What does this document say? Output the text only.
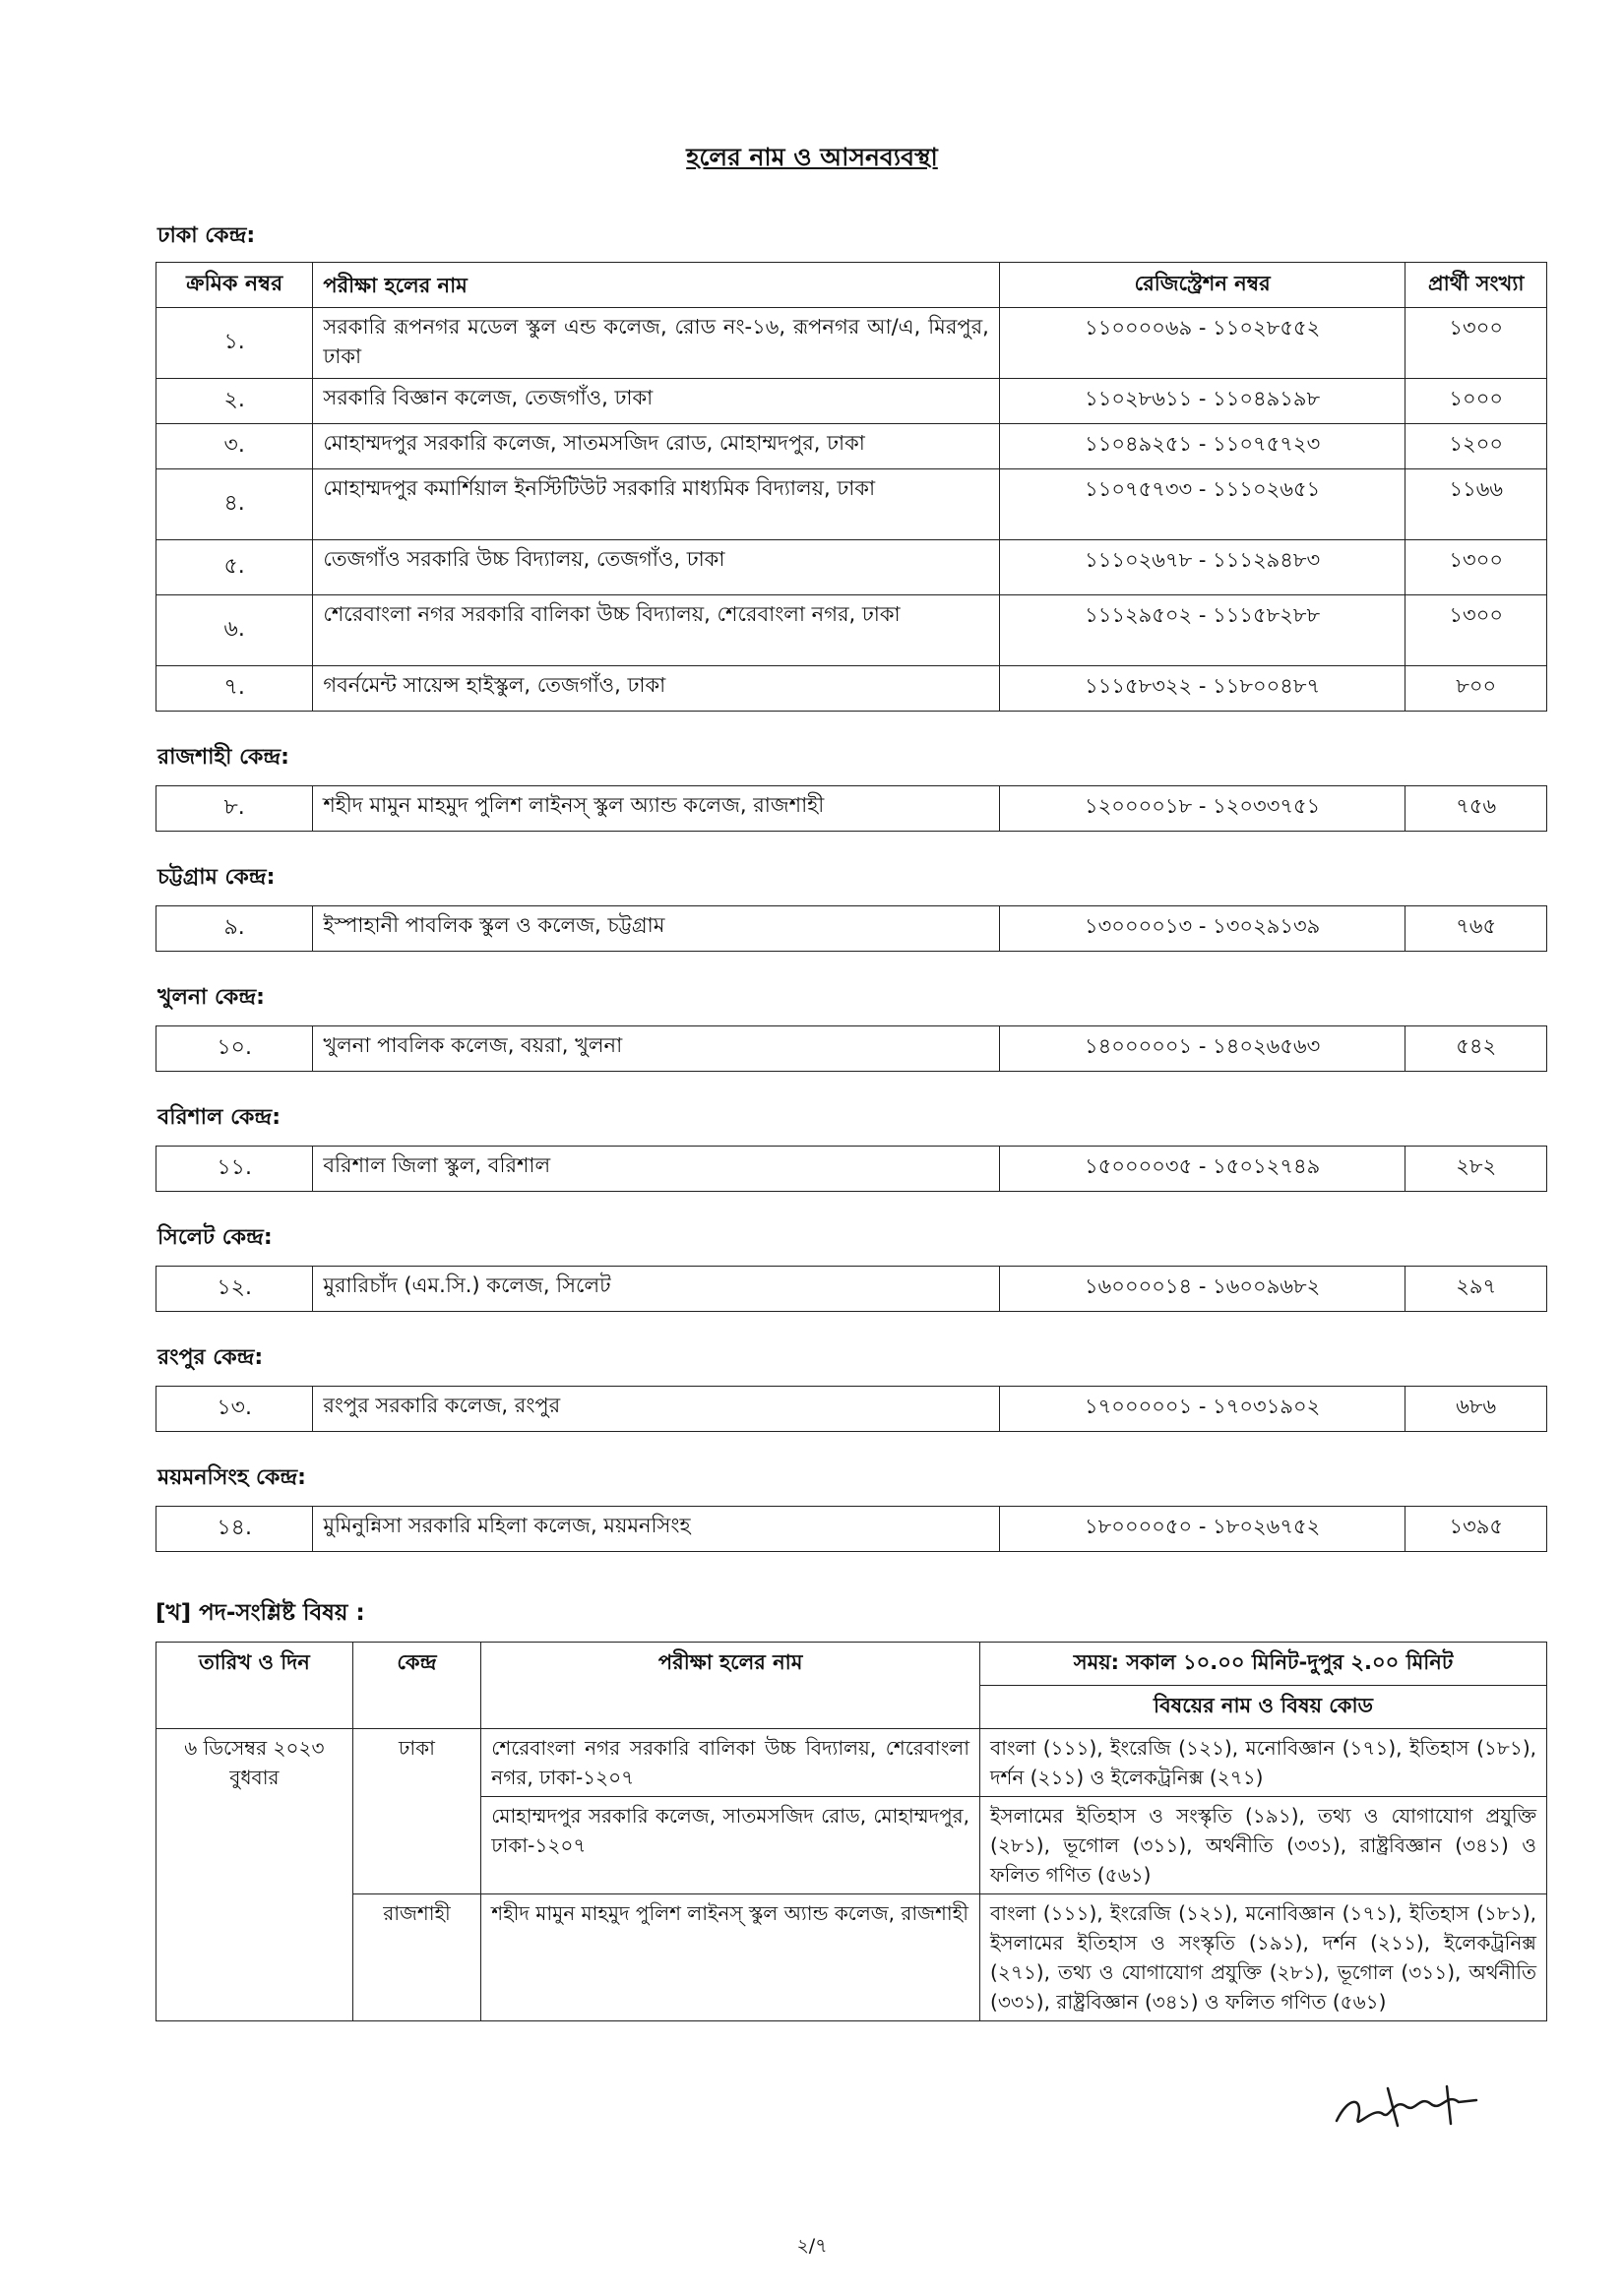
হলের নাম ও আসনব্যবস্থা
ঢাকা কেন্দ্র:
ক্রমিক নম্বর	পরীক্ষা হলের নাম	রেজিস্ট্রেশন নম্বর	প্রার্থী সংখ্যা
১.	সরকারি রূপনগর মডেল স্কুল এন্ড কলেজ, রোড নং-১৬, রূপনগর আ/এ, মিরপুর, ঢাকা	১১০০০০৬৯ - ১১০২৮৫৫২	১৩০০
২.	সরকারি বিজ্ঞান কলেজ, তেজগাঁও, ঢাকা	১১০২৮৬১১ - ১১০৪৯১৯৮	১০০০
৩.	মোহাম্মদপুর সরকারি কলেজ, সাতমসজিদ রোড, মোহাম্মদপুর, ঢাকা	১১০৪৯২৫১ - ১১০৭৫৭২৩	১২০০
৪.	মোহাম্মদপুর কমার্শিয়াল ইনস্টিটিউট সরকারি মাধ্যমিক বিদ্যালয়, ঢাকা	১১০৭৫৭৩৩ - ১১১০২৬৫১	১১৬৬
৫.	তেজগাঁও সরকারি উচ্চ বিদ্যালয়, তেজগাঁও, ঢাকা	১১১০২৬৭৮ - ১১১২৯৪৮৩	১৩০০
৬.	শেরেবাংলা নগর সরকারি বালিকা উচ্চ বিদ্যালয়, শেরেবাংলা নগর, ঢাকা	১১১২৯৫০২ - ১১১৫৮২৮৮	১৩০০
৭.	গবর্নমেন্ট সায়েন্স হাইস্কুল, তেজগাঁও, ঢাকা	১১১৫৮৩২২ - ১১৮০০৪৮৭	৮০০
রাজশাহী কেন্দ্র:
৮.	শহীদ মামুন মাহমুদ পুলিশ লাইনস্ স্কুল অ্যান্ড কলেজ, রাজশাহী	১২০০০০১৮ - ১২০৩৩৭৫১	৭৫৬
চট্টগ্রাম কেন্দ্র:
৯.	ইস্পাহানী পাবলিক স্কুল ও কলেজ, চট্টগ্রাম	১৩০০০০১৩ - ১৩০২৯১৩৯	৭৬৫
খুলনা কেন্দ্র:
১০.	খুলনা পাবলিক কলেজ, বয়রা, খুলনা	১৪০০০০০১ - ১৪০২৬৫৬৩	৫৪২
বরিশাল কেন্দ্র:
১১.	বরিশাল জিলা স্কুল, বরিশাল	১৫০০০০৩৫ - ১৫০১২৭৪৯	২৮২
সিলেট কেন্দ্র:
১২.	মুরারিচাঁদ (এম.সি.) কলেজ, সিলেট	১৬০০০০১৪ - ১৬০০৯৬৮২	২৯৭
রংপুর কেন্দ্র:
১৩.	রংপুর সরকারি কলেজ, রংপুর	১৭০০০০০১ - ১৭০৩১৯০২	৬৮৬
ময়মনসিংহ কেন্দ্র:
১৪.	মুমিনুন্নিসা সরকারি মহিলা কলেজ, ময়মনসিংহ	১৮০০০০৫০ - ১৮০২৬৭৫২	১৩৯৫
[খ] পদ-সংশ্লিষ্ট বিষয় :
তারিখ ও দিন	কেন্দ্র	পরীক্ষা হলের নাম	সময়: সকাল ১০.০০ মিনিট-দুপুর ২.০০ মিনিট
			বিষয়ের নাম ও বিষয় কোড

৬ ডিসেম্বর ২০২৩
বুধবার	ঢাকা	শেরেবাংলা নগর সরকারি বালিকা উচ্চ বিদ্যালয়, শেরেবাংলা নগর, ঢাকা-১২০৭	বাংলা (১১১), ইংরেজি (১২১), মনোবিজ্ঞান (১৭১), ইতিহাস (১৮১), দর্শন (২১১) ও ইলেকট্রনিক্স (২৭১)
		মোহাম্মদপুর সরকারি কলেজ, সাতমসজিদ রোড, মোহাম্মদপুর, ঢাকা-১২০৭	ইসলামের ইতিহাস ও সংস্কৃতি (১৯১), তথ্য ও যোগাযোগ প্রযুক্তি (২৮১), ভূগোল (৩১১), অর্থনীতি (৩৩১), রাষ্ট্রবিজ্ঞান (৩৪১) ও ফলিত গণিত (৫৬১)
	রাজশাহী	শহীদ মামুন মাহমুদ পুলিশ লাইনস্ স্কুল অ্যান্ড কলেজ, রাজশাহী	বাংলা (১১১), ইংরেজি (১২১), মনোবিজ্ঞান (১৭১), ইতিহাস (১৮১), ইসলামের ইতিহাস ও সংস্কৃতি (১৯১), দর্শন (২১১), ইলেকট্রনিক্স (২৭১), তথ্য ও যোগাযোগ প্রযুক্তি (২৮১), ভূগোল (৩১১), অর্থনীতি (৩৩১), রাষ্ট্রবিজ্ঞান (৩৪১) ও ফলিত গণিত (৫৬১)
২/৭
